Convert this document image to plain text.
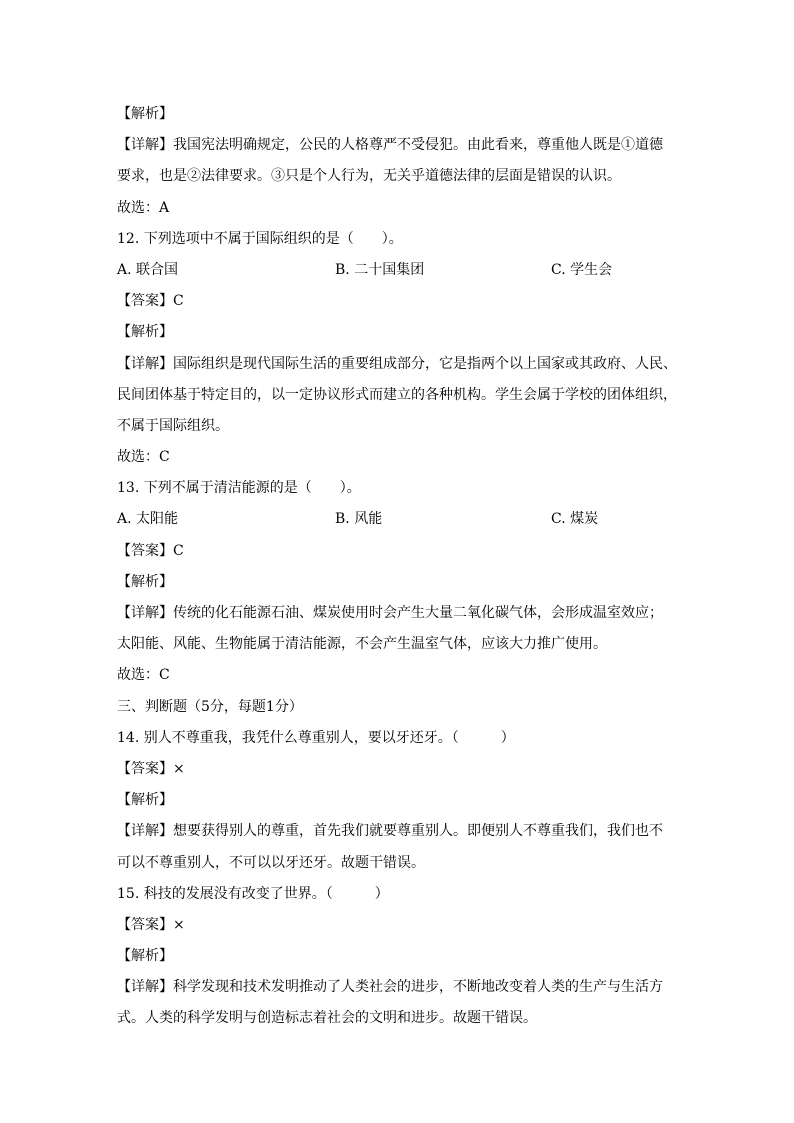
【解析】
【详解】我国宪法明确规定，公民的人格尊严不受侵犯。由此看来，尊重他人既是①道德
要求，也是②法律要求。③只是个人行为，无关乎道德法律的层面是错误的认识。
故选：A
12. 下列选项中不属于国际组织的是（　　）。
A. 联合国	B. 二十国集团	C. 学生会
【答案】C
【解析】
【详解】国际组织是现代国际生活的重要组成部分，它是指两个以上国家或其政府、人民、
民间团体基于特定目的，以一定协议形式而建立的各种机构。学生会属于学校的团体组织，
不属于国际组织。
故选：C
13. 下列不属于清洁能源的是（　　）。
A. 太阳能	B. 风能	C. 煤炭
【答案】C
【解析】
【详解】传统的化石能源石油、煤炭使用时会产生大量二氧化碳气体，会形成温室效应；
太阳能、风能、生物能属于清洁能源，不会产生温室气体，应该大力推广使用。
故选：C
三、判断题（5分，每题1分）
14. 别人不尊重我，我凭什么尊重别人，要以牙还牙。（　　　）
【答案】×
【解析】
【详解】想要获得别人的尊重，首先我们就要尊重别人。即便别人不尊重我们，我们也不
可以不尊重别人，不可以以牙还牙。故题干错误。
15. 科技的发展没有改变了世界。（　　　）
【答案】×
【解析】
【详解】科学发现和技术发明推动了人类社会的进步，不断地改变着人类的生产与生活方
式。人类的科学发明与创造标志着社会的文明和进步。故题干错误。
